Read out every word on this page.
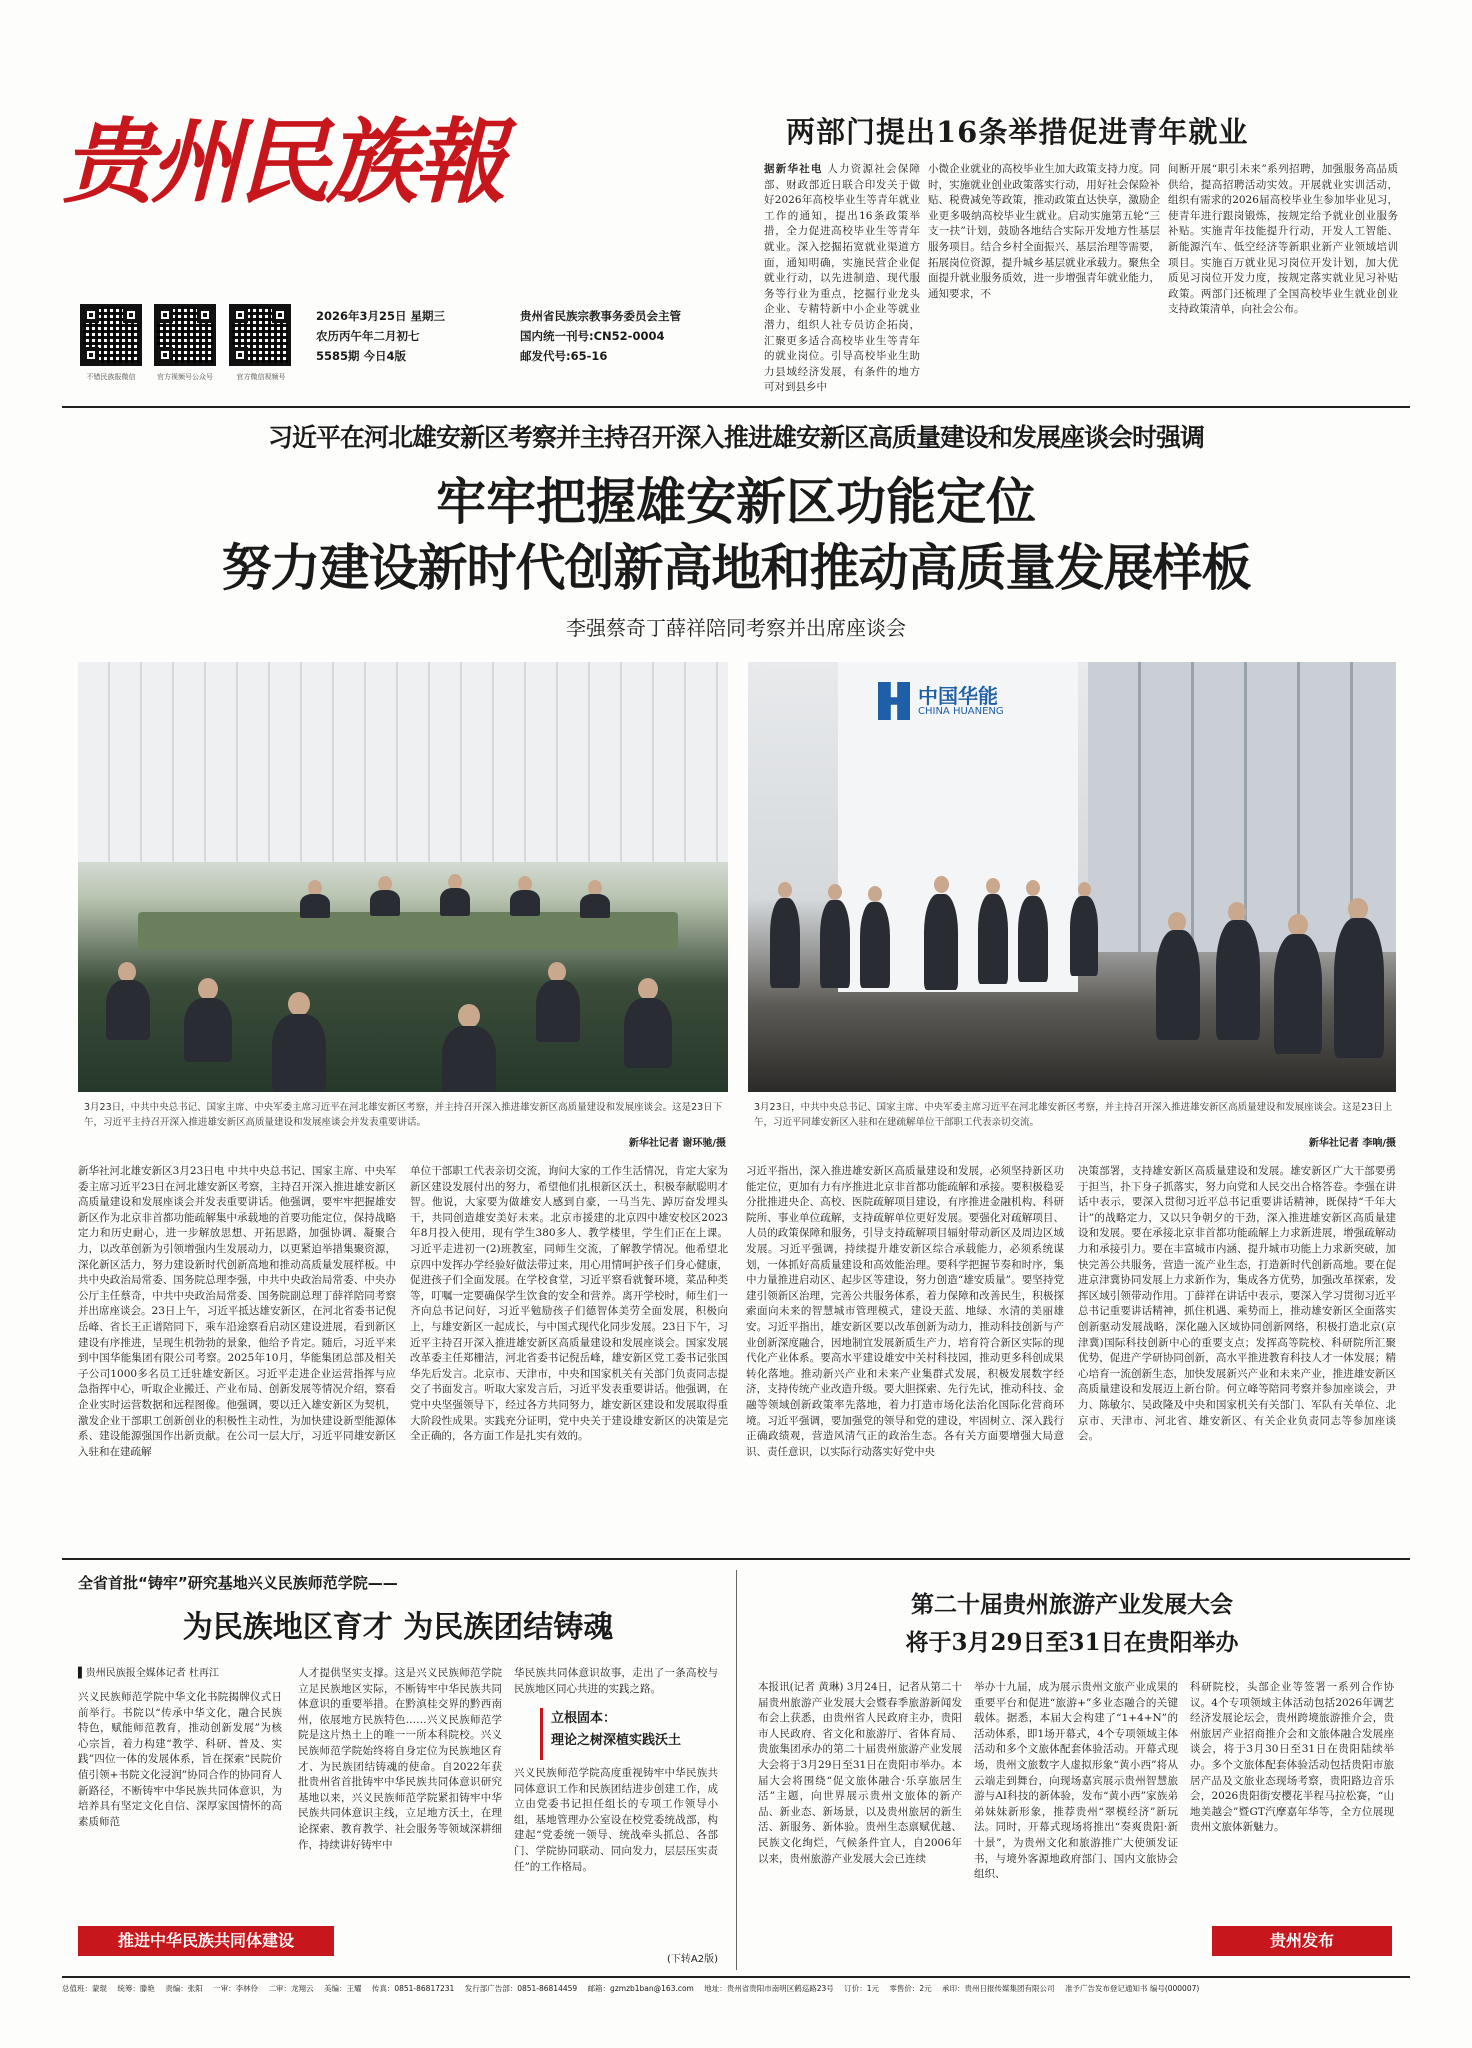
贵州民族報
不错民族报微信	官方视频号公众号	官方微信视频号
2026年3月25日 星期三
农历丙午年二月初七
5585期 今日4版
贵州省民族宗教事务委员会主管
国内统一刊号:CN52-0004
邮发代号:65-16
两部门提出16条举措促进青年就业
据新华社电 人力资源社会保障部、财政部近日联合印发关于做好2026年高校毕业生等青年就业工作的通知，提出16条政策举措，全力促进高校毕业生等青年就业。深入挖掘拓宽就业渠道方面，通知明确，实施民营企业促就业行动，以先进制造、现代服务等行业为重点，挖掘行业龙头企业、专精特新中小企业等就业潜力，组织人社专员访企拓岗，汇聚更多适合高校毕业生等青年的就业岗位。引导高校毕业生助力县域经济发展，有条件的地方可对到县乡中
小微企业就业的高校毕业生加大政策支持力度。同时，实施就业创业政策落实行动，用好社会保险补贴、税费减免等政策，推动政策直达快享，激励企业更多吸纳高校毕业生就业。启动实施第五轮“三支一扶”计划，鼓励各地结合实际开发地方性基层服务项目。结合乡村全面振兴、基层治理等需要，拓展岗位资源，提升城乡基层就业承载力。聚焦全面提升就业服务质效，进一步增强青年就业能力，通知要求，不
间断开展“职引未来”系列招聘，加强服务高品质供给，提高招聘活动实效。开展就业实训活动，组织有需求的2026届高校毕业生参加毕业见习，使青年进行跟岗锻炼，按规定给予就业创业服务补贴。实施青年技能提升行动，开发人工智能、新能源汽车、低空经济等新职业新产业领域培训项目。实施百万就业见习岗位开发计划，加大优质见习岗位开发力度，按规定落实就业见习补贴政策。两部门还梳理了全国高校毕业生就业创业支持政策清单，向社会公布。
习近平在河北雄安新区考察并主持召开深入推进雄安新区高质量建设和发展座谈会时强调
牢牢把握雄安新区功能定位
努力建设新时代创新高地和推动高质量发展样板
李强蔡奇丁薛祥陪同考察并出席座谈会
3月23日，中共中央总书记、国家主席、中央军委主席习近平在河北雄安新区考察，并主持召开深入推进雄安新区高质量建设和发展座谈会。这是23日下午，习近平主持召开深入推进雄安新区高质量建设和发展座谈会并发表重要讲话。
新华社记者 谢环驰/摄
中国华能
CHINA HUANENG
3月23日，中共中央总书记、国家主席、中央军委主席习近平在河北雄安新区考察，并主持召开深入推进雄安新区高质量建设和发展座谈会。这是23日上午，习近平同雄安新区入驻和在建疏解单位干部职工代表亲切交流。
新华社记者 李响/摄
新华社河北雄安新区3月23日电 中共中央总书记、国家主席、中央军委主席习近平23日在河北雄安新区考察，主持召开深入推进雄安新区高质量建设和发展座谈会并发表重要讲话。他强调，要牢牢把握雄安新区作为北京非首都功能疏解集中承载地的首要功能定位，保持战略定力和历史耐心，进一步解放思想、开拓思路，加强协调、凝聚合力，以改革创新为引领增强内生发展动力，以更紧迫举措集聚资源，深化新区活力，努力建设新时代创新高地和推动高质量发展样板。中共中央政治局常委、国务院总理李强，中共中央政治局常委、中央办公厅主任蔡奇，中共中央政治局常委、国务院副总理丁薛祥陪同考察并出席座谈会。23日上午，习近平抵达雄安新区，在河北省委书记倪岳峰、省长王正谱陪同下，乘车沿途察看启动区建设进展，看到新区建设有序推进，呈现生机勃勃的景象，他给予肯定。随后，习近平来到中国华能集团有限公司考察。2025年10月，华能集团总部及相关子公司1000多名员工迁驻雄安新区。习近平走进企业运营指挥与应急指挥中心，听取企业搬迁、产业布局、创新发展等情况介绍，察看企业实时运营数据和远程图像。他强调，要以迁入雄安新区为契机，激发企业干部职工创新创业的积极性主动性，为加快建设新型能源体系、建设能源强国作出新贡献。在公司一层大厅，习近平同雄安新区入驻和在建疏解
单位干部职工代表亲切交流，询问大家的工作生活情况，肯定大家为新区建设发展付出的努力，希望他们扎根新区沃土，积极奉献聪明才智。他说，大家要为做雄安人感到自豪，一马当先、踔厉奋发埋头干，共同创造雄安美好未来。北京市援建的北京四中雄安校区2023年8月投入使用，现有学生380多人、教学楼里，学生们正在上课。习近平走进初一(2)班教室，同师生交流，了解教学情况。他希望北京四中发挥办学经验好做法带过来，用心用情呵护孩子们身心健康，促进孩子们全面发展。在学校食堂，习近平察看就餐环境，菜品种类等，叮嘱一定要确保学生饮食的安全和营养。离开学校时，师生们一齐向总书记问好，习近平勉励孩子们德智体美劳全面发展，积极向上，与雄安新区一起成长，与中国式现代化同步发展。23日下午，习近平主持召开深入推进雄安新区高质量建设和发展座谈会。国家发展改革委主任郑栅洁，河北省委书记倪岳峰，雄安新区党工委书记张国华先后发言。北京市、天津市，中央和国家机关有关部门负责同志提交了书面发言。听取大家发言后，习近平发表重要讲话。他强调，在党中央坚强领导下，经过各方共同努力，雄安新区建设和发展取得重大阶段性成果。实践充分证明，党中央关于建设雄安新区的决策是完全正确的，各方面工作是扎实有效的。
习近平指出，深入推进雄安新区高质量建设和发展，必须坚持新区功能定位，更加有力有序推进北京非首都功能疏解和承接。要积极稳妥分批推进央企、高校、医院疏解项目建设，有序推进金融机构、科研院所、事业单位疏解，支持疏解单位更好发展。要强化对疏解项目、人员的政策保障和服务，引导支持疏解项目辐射带动新区及周边区域发展。习近平强调，持续提升雄安新区综合承载能力，必须系统谋划，一体抓好高质量建设和高效能治理。要科学把握节奏和时序，集中力量推进启动区、起步区等建设，努力创造“雄安质量”。要坚持党建引领新区治理，完善公共服务体系，着力保障和改善民生，积极探索面向未来的智慧城市管理模式，建设天蓝、地绿、水清的美丽雄安。习近平指出，雄安新区要以改革创新为动力，推动科技创新与产业创新深度融合，因地制宜发展新质生产力，培育符合新区实际的现代化产业体系。要高水平建设雄安中关村科技园，推动更多科创成果转化落地。推动新兴产业和未来产业集群式发展，积极发展数字经济，支持传统产业改造升级。要大胆探索、先行先试，推动科技、金融等领域创新政策率先落地，着力打造市场化法治化国际化营商环境。习近平强调，要加强党的领导和党的建设，牢固树立、深入践行正确政绩观，营造风清气正的政治生态。各有关方面要增强大局意识、责任意识，以实际行动落实好党中央
决策部署，支持雄安新区高质量建设和发展。雄安新区广大干部要勇于担当，扑下身子抓落实，努力向党和人民交出合格答卷。李强在讲话中表示，要深入贯彻习近平总书记重要讲话精神，既保持“千年大计”的战略定力，又以只争朝夕的干劲，深入推进雄安新区高质量建设和发展。要在承接北京非首都功能疏解上力求新进展，增强疏解动力和承接引力。要在丰富城市内涵、提升城市功能上力求新突破，加快完善公共服务，营造一流产业生态，打造新时代创新高地。要在促进京津冀协同发展上力求新作为，集成各方优势，加强改革探索，发挥区域引领带动作用。丁薛祥在讲话中表示，要深入学习贯彻习近平总书记重要讲话精神，抓住机遇、乘势而上，推动雄安新区全面落实创新驱动发展战略，深化融入区域协同创新网络，积极打造北京(京津冀)国际科技创新中心的重要支点；发挥高等院校、科研院所汇聚优势，促进产学研协同创新，高水平推进教育科技人才一体发展；精心培育一流创新生态，加快发展新兴产业和未来产业，推进雄安新区高质量建设和发展迈上新台阶。何立峰等陪同考察并参加座谈会，尹力、陈敏尔、吴政隆及中央和国家机关有关部门、军队有关单位、北京市、天津市、河北省、雄安新区、有关企业负责同志等参加座谈会。
全省首批“铸牢”研究基地兴义民族师范学院——
为民族地区育才 为民族团结铸魂
▌贵州民族报全媒体记者 杜再江
兴义民族师范学院中华文化书院揭牌仪式日前举行。书院以“传承中华文化，融合民族特色，赋能师范教育，推动创新发展”为核心宗旨，着力构建“教学、科研、普及、实践”四位一体的发展体系，旨在探索“民院价值引领+书院文化浸润”协同合作的协同育人新路径，不断铸牢中华民族共同体意识，为培养具有坚定文化自信、深厚家国情怀的高素质师范
人才提供坚实支撑。这是兴义民族师范学院立足民族地区实际，不断铸牢中华民族共同体意识的重要举措。在黔滇桂交界的黔西南州，依展地方民族特色……兴义民族师范学院是这片热土上的唯一一所本科院校。兴义民族师范学院始终将自身定位为民族地区育才、为民族团结铸魂的使命。自2022年获批贵州省首批铸牢中华民族共同体意识研究基地以来，兴义民族师范学院紧扣铸牢中华民族共同体意识主线，立足地方沃土，在理论探索、教育教学、社会服务等领域深耕细作，持续讲好铸牢中
华民族共同体意识故事，走出了一条高校与民族地区同心共进的实践之路。
立根固本：
理论之树深植实践沃土
兴义民族师范学院高度重视铸牢中华民族共同体意识工作和民族团结进步创建工作，成立由党委书记担任组长的专项工作领导小组，基地管理办公室设在校党委统战部，构建起“党委统一领导、统战牵头抓总、各部门、学院协同联动、同向发力，层层压实责任”的工作格局。
(下转A2版)
推进中华民族共同体建设
第二十届贵州旅游产业发展大会
将于3月29日至31日在贵阳举办
本报讯(记者 黄琳) 3月24日，记者从第二十届贵州旅游产业发展大会暨春季旅游新闻发布会上获悉，由贵州省人民政府主办，贵阳市人民政府、省文化和旅游厅、省体育局、贵旅集团承办的第二十届贵州旅游产业发展大会将于3月29日至31日在贵阳市举办。本届大会将围绕“促文旅体融合·乐享旅居生活”主题，向世界展示贵州文旅体的新产品、新业态、新场景，以及贵州旅居的新生活、新服务、新体验。贵州生态禀赋优越、民族文化绚烂，气候条件宜人，自2006年以来，贵州旅游产业发展大会已连续
举办十九届，成为展示贵州文旅产业成果的重要平台和促进“旅游+”多业态融合的关键载体。据悉，本届大会构建了“1+4+N”的活动体系，即1场开幕式，4个专项领域主体活动和多个文旅体配套体验活动。开幕式现场，贵州文旅数字人虚拟形象“黄小西”将从云端走到舞台，向现场嘉宾展示贵州智慧旅游与AI科技的新体验，发布“黄小西”家族弟弟妹妹新形象，推荐贵州“翠模经济”新玩法。同时，开幕式现场将推出“奏爽贵阳·新十景”，为贵州文化和旅游推广大使颁发证书，与境外客源地政府部门、国内文旅协会组织、
科研院校，头部企业等签署一系列合作协议。4个专项领域主体活动包括2026年调艺经济发展论坛会，贵州跨境旅游推介会，贵州旅居产业招商推介会和文旅体融合发展座谈会，将于3月30日至31日在贵阳陆续举办。多个文旅体配套体验活动包括贵阳市旅居产品及文旅业态现场考察，贵阳路边音乐会，2026贵阳街安樱花半程马拉松赛，“山地美越会”暨GT汽摩嘉年华等，全方位展现贵州文旅体新魅力。
贵州发布
总值班：蒙琨 统筹：滕艳 责编：张阳 一审：李林伶 二审：龙翔云 美编：王耀 传真：0851-86817231 发行部广告部：0851-86814459 邮箱：gzmzb1ban@163.com 地址：贵州省贵阳市南明区鹤巡路23号 订价：1元 零售价：2元 承印：贵州日报传媒集团有限公司 准予广告发布登记通知书 编号(000007)
